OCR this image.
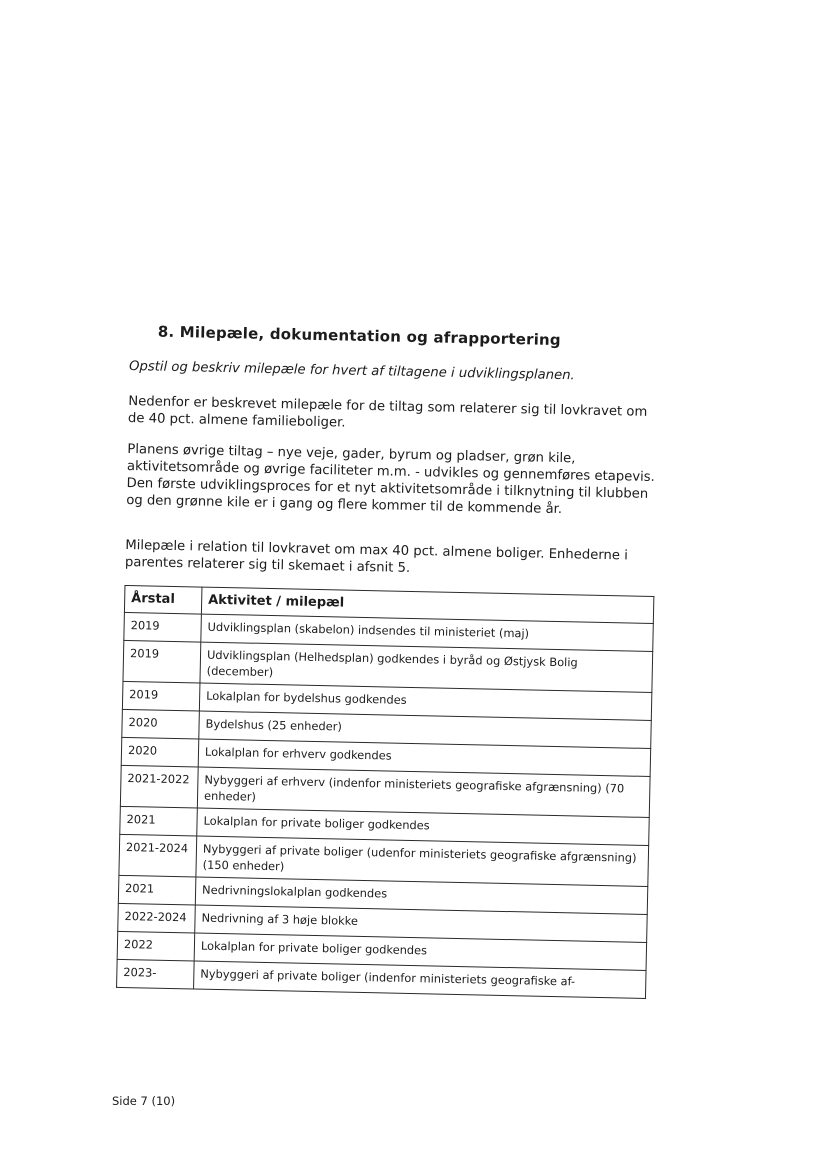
8. Milepæle, dokumentation og afrapportering

Opstil og beskriv milepæle for hvert af tiltagene i udviklingsplanen.

Nedenfor er beskrevet milepæle for de tiltag som relaterer sig til lovkravet om de 40 pct. almene familieboliger.

Planens øvrige tiltag – nye veje, gader, byrum og pladser, grøn kile, aktivitetsområde og øvrige faciliteter m.m. - udvikles og gennemføres etapevis. Den første udviklingsproces for et nyt aktivitetsområde i tilknytning til klubben og den grønne kile er i gang og flere kommer til de kommende år.

Milepæle i relation til lovkravet om max 40 pct. almene boliger. Enhederne i parentes relaterer sig til skemaet i afsnit 5.

Årstal	Aktivitet / milepæl
2019	Udviklingsplan (skabelon) indsendes til ministeriet (maj)
2019	Udviklingsplan (Helhedsplan) godkendes i byråd og Østjysk Bolig (december)
2019	Lokalplan for bydelshus godkendes
2020	Bydelshus (25 enheder)
2020	Lokalplan for erhverv godkendes
2021-2022	Nybyggeri af erhverv (indenfor ministeriets geografiske afgrænsning) (70 enheder)
2021	Lokalplan for private boliger godkendes
2021-2024	Nybyggeri af private boliger (udenfor ministeriets geografiske afgrænsning) (150 enheder)
2021	Nedrivningslokalplan godkendes
2022-2024	Nedrivning af 3 høje blokke
2022	Lokalplan for private boliger godkendes
2023-	Nybyggeri af private boliger (indenfor ministeriets geografiske af-
Side 7 (10)
